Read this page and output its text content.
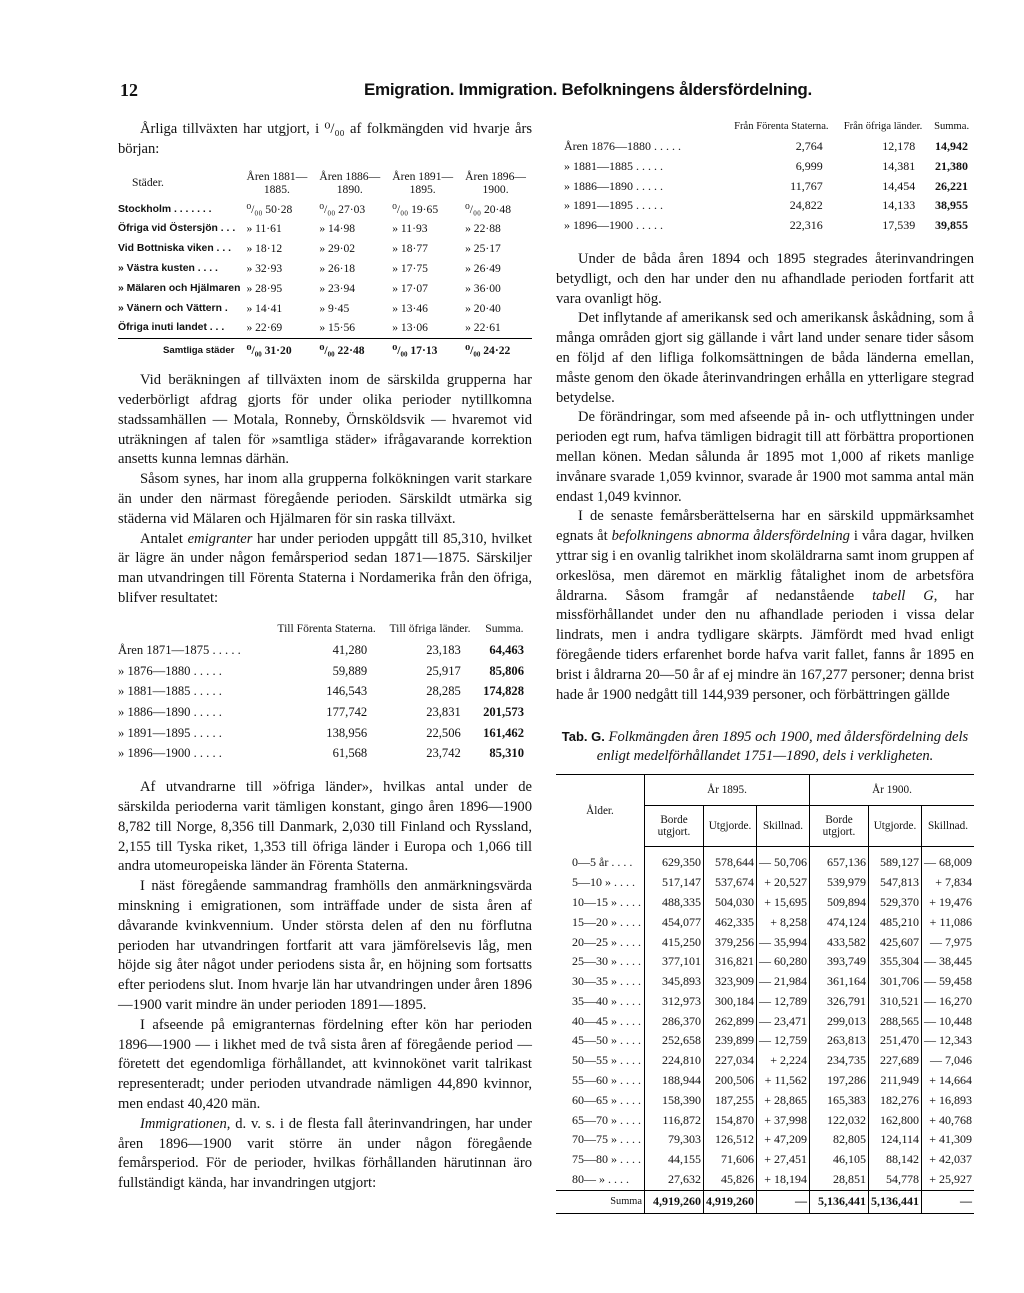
12	Emigration. Immigration. Befolkningens åldersfördelning.

Årliga tillväxten har utgjort, i ⁰/₀₀ af folkmängden vid hvarje års början:

Städer.	Åren 1881—1885.	Åren 1886—1890.	Åren 1891—1895.	Åren 1896—1900.
Stockholm . . . . . . .	⁰/₀₀ 50·28	⁰/₀₀ 27·03	⁰/₀₀ 19·65	⁰/₀₀ 20·48
Öfriga vid Östersjön . . .	» 11·61	» 14·98	» 11·93	» 22·88
Vid Bottniska viken . . .	» 18·12	» 29·02	» 18·77	» 25·17
» Västra kusten . . . .	» 32·93	» 26·18	» 17·75	» 26·49
» Mälaren och Hjälmaren	» 28·95	» 23·94	» 17·07	» 36·00
» Vänern och Vättern .	» 14·41	» 9·45	» 13·46	» 20·40
Öfriga inuti landet . . .	» 22·69	» 15·56	» 13·06	» 22·61
Samtliga städer	⁰/₀₀ 31·20	⁰/₀₀ 22·48	⁰/₀₀ 17·13	⁰/₀₀ 24·22

Vid beräkningen af tillväxten inom de särskilda grupperna har vederbörligt afdrag gjorts för under olika perioder nytillkomna stadssamhällen — Motala, Ronneby, Örnsköldsvik — hvaremot vid uträkningen af talen för »samtliga städer» ifrågavarande korrektion ansetts kunna lemnas därhän.

Såsom synes, har inom alla grupperna folkökningen varit starkare än under den närmast föregående perioden. Särskildt utmärka sig städerna vid Mälaren och Hjälmaren för sin raska tillväxt.

Antalet emigranter har under perioden uppgått till 85,310, hvilket är lägre än under någon femårsperiod sedan 1871—1875. Särskiljer man utvandringen till Förenta Staterna i Nordamerika från den öfriga, blifver resultatet:

	Till Förenta Staterna.	Till öfriga länder.	Summa.
Åren 1871—1875 . . . . .	41,280	23,183	64,463
» 1876—1880 . . . . .	59,889	25,917	85,806
» 1881—1885 . . . . .	146,543	28,285	174,828
» 1886—1890 . . . . .	177,742	23,831	201,573
» 1891—1895 . . . . .	138,956	22,506	161,462
» 1896—1900 . . . . .	61,568	23,742	85,310

Af utvandrarne till »öfriga länder», hvilkas antal under de särskilda perioderna varit tämligen konstant, gingo åren 1896—1900 8,782 till Norge, 8,356 till Danmark, 2,030 till Finland och Ryssland, 2,155 till Tyska riket, 1,353 till öfriga länder i Europa och 1,066 till andra utomeuropeiska länder än Förenta Staterna.

I näst föregående sammandrag framhölls den anmärkningsvärda minskning i emigrationen, som inträffade under de sista åren af dåvarande kvinkvennium. Under största delen af den nu förflutna perioden har utvandringen fortfarit att vara jämförelsevis låg, men höjde sig åter något under periodens sista år, en höjning som fortsatts efter periodens slut. Inom hvarje län har utvandringen under åren 1896—1900 varit mindre än under perioden 1891—1895.

I afseende på emigranternas fördelning efter kön har perioden 1896—1900 — i likhet med de två sista åren af föregående period — företett det egendomliga förhållandet, att kvinnokönet varit talrikast representeradt; under perioden utvandrade nämligen 44,890 kvinnor, men endast 40,420 män.

Immigrationen, d. v. s. i de flesta fall återinvandringen, har under åren 1896—1900 varit större än under någon föregående femårsperiod. För de perioder, hvilkas förhållanden härutinnan äro fullständigt kända, har invandringen utgjort:

	Från Förenta Staterna.	Från öfriga länder.	Summa.
Åren 1876—1880 . . . . .	2,764	12,178	14,942
» 1881—1885 . . . . .	6,999	14,381	21,380
» 1886—1890 . . . . .	11,767	14,454	26,221
» 1891—1895 . . . . .	24,822	14,133	38,955
» 1896—1900 . . . . .	22,316	17,539	39,855

Under de båda åren 1894 och 1895 stegrades återinvandringen betydligt, och den har under den nu afhandlade perioden fortfarit att vara ovanligt hög.

Det inflytande af amerikansk sed och amerikansk åskådning, som å många områden gjort sig gällande i vårt land under senare tider såsom en följd af den lifliga folkomsättningen de båda länderna emellan, måste genom den ökade återinvandringen erhålla en ytterligare stegrad betydelse.

De förändringar, som med afseende på in- och utflyttningen under perioden egt rum, hafva tämligen bidragit till att förbättra proportionen mellan könen. Medan sålunda år 1895 mot 1,000 af rikets manlige invånare svarade 1,059 kvinnor, svarade år 1900 mot samma antal män endast 1,049 kvinnor.

I de senaste femårsberättelserna har en särskild uppmärksamhet egnats åt befolkningens abnorma åldersfördelning i våra dagar, hvilken yttrar sig i en ovanlig talrikhet inom skoläldrarna samt inom gruppen af orkeslösa, men däremot en märklig fåtalighet inom de arbetsföra åldrarna. Såsom framgår af nedanstående tabell G, har missförhållandet under den nu afhandlade perioden i vissa delar lindrats, men i andra tydligare skärpts. Jämfördt med hvad enligt föregående tiders erfarenhet borde hafva varit fallet, fanns år 1895 en brist i åldrarna 20—50 år af ej mindre än 167,277 personer; denna brist hade år 1900 nedgått till 144,939 personer, och förbättringen gällde

Tab. G. Folkmängden åren 1895 och 1900, med åldersfördelning dels enligt medelförhållandet 1751—1890, dels i verkligheten.
Ålder.	År 1895.			År 1900.		
	Borde utgjort.	Utgjorde.	Skillnad.	Borde utgjort.	Utgjorde.	Skillnad.
0—5 år . . . .	629,350	578,644	— 50,706	657,136	589,127	— 68,009
5—10 » . . . .	517,147	537,674	+ 20,527	539,979	547,813	+ 7,834
10—15 » . . . .	488,335	504,030	+ 15,695	509,894	529,370	+ 19,476
15—20 » . . . .	454,077	462,335	+ 8,258	474,124	485,210	+ 11,086
20—25 » . . . .	415,250	379,256	— 35,994	433,582	425,607	— 7,975
25—30 » . . . .	377,101	316,821	— 60,280	393,749	355,304	— 38,445
30—35 » . . . .	345,893	323,909	— 21,984	361,164	301,706	— 59,458
35—40 » . . . .	312,973	300,184	— 12,789	326,791	310,521	— 16,270
40—45 » . . . .	286,370	262,899	— 23,471	299,013	288,565	— 10,448
45—50 » . . . .	252,658	239,899	— 12,759	263,813	251,470	— 12,343
50—55 » . . . .	224,810	227,034	+ 2,224	234,735	227,689	— 7,046
55—60 » . . . .	188,944	200,506	+ 11,562	197,286	211,949	+ 14,664
60—65 » . . . .	158,390	187,255	+ 28,865	165,383	182,276	+ 16,893
65—70 » . . . .	116,872	154,870	+ 37,998	122,032	162,800	+ 40,768
70—75 » . . . .	79,303	126,512	+ 47,209	82,805	124,114	+ 41,309
75—80 » . . . .	44,155	71,606	+ 27,451	46,105	88,142	+ 42,037
80— » . . . .	27,632	45,826	+ 18,194	28,851	54,778	+ 25,927
Summa	4,919,260	4,919,260	—	5,136,441	5,136,441	—
